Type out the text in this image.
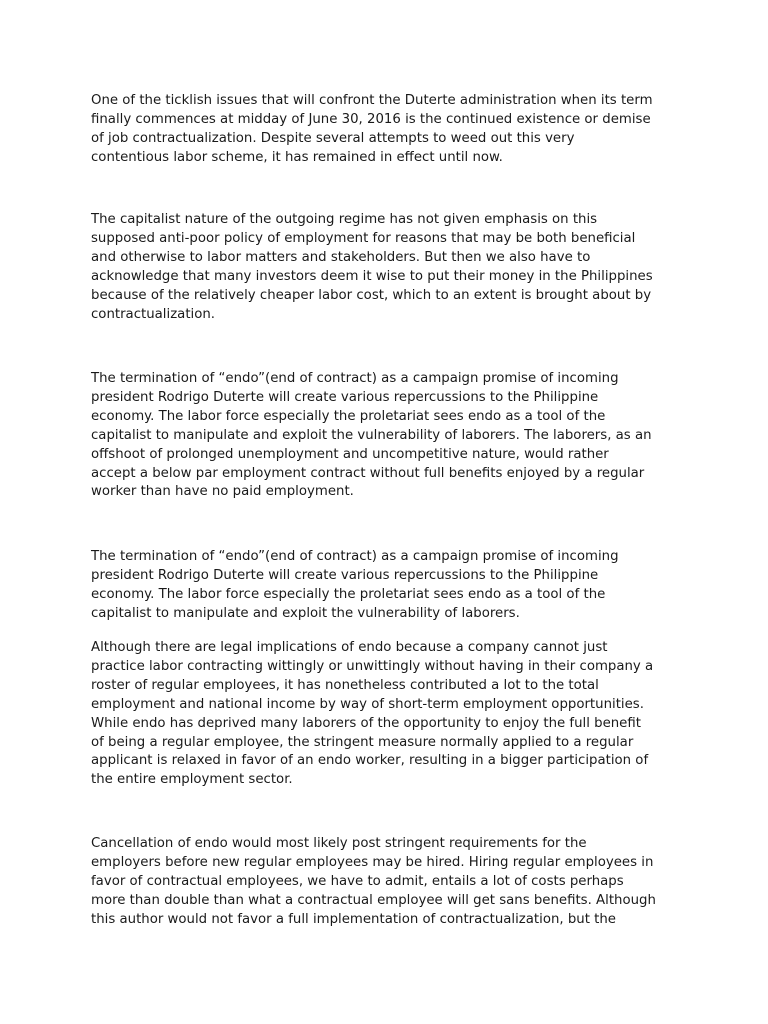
One of the ticklish issues that will confront the Duterte administration when its term
finally commences at midday of June 30, 2016 is the continued existence or demise
of job contractualization. Despite several attempts to weed out this very
contentious labor scheme, it has remained in effect until now.

The capitalist nature of the outgoing regime has not given emphasis on this
supposed anti-poor policy of employment for reasons that may be both beneficial
and otherwise to labor matters and stakeholders. But then we also have to
acknowledge that many investors deem it wise to put their money in the Philippines
because of the relatively cheaper labor cost, which to an extent is brought about by
contractualization.

The termination of “endo”(end of contract) as a campaign promise of incoming
president Rodrigo Duterte will create various repercussions to the Philippine
economy. The labor force especially the proletariat sees endo as a tool of the
capitalist to manipulate and exploit the vulnerability of laborers. The laborers, as an
offshoot of prolonged unemployment and uncompetitive nature, would rather
accept a below par employment contract without full benefits enjoyed by a regular
worker than have no paid employment.

The termination of “endo”(end of contract) as a campaign promise of incoming
president Rodrigo Duterte will create various repercussions to the Philippine
economy. The labor force especially the proletariat sees endo as a tool of the
capitalist to manipulate and exploit the vulnerability of laborers.

Although there are legal implications of endo because a company cannot just
practice labor contracting wittingly or unwittingly without having in their company a
roster of regular employees, it has nonetheless contributed a lot to the total
employment and national income by way of short-term employment opportunities.
While endo has deprived many laborers of the opportunity to enjoy the full benefit
of being a regular employee, the stringent measure normally applied to a regular
applicant is relaxed in favor of an endo worker, resulting in a bigger participation of
the entire employment sector.

Cancellation of endo would most likely post stringent requirements for the
employers before new regular employees may be hired. Hiring regular employees in
favor of contractual employees, we have to admit, entails a lot of costs perhaps
more than double than what a contractual employee will get sans benefits. Although
this author would not favor a full implementation of contractualization, but the
